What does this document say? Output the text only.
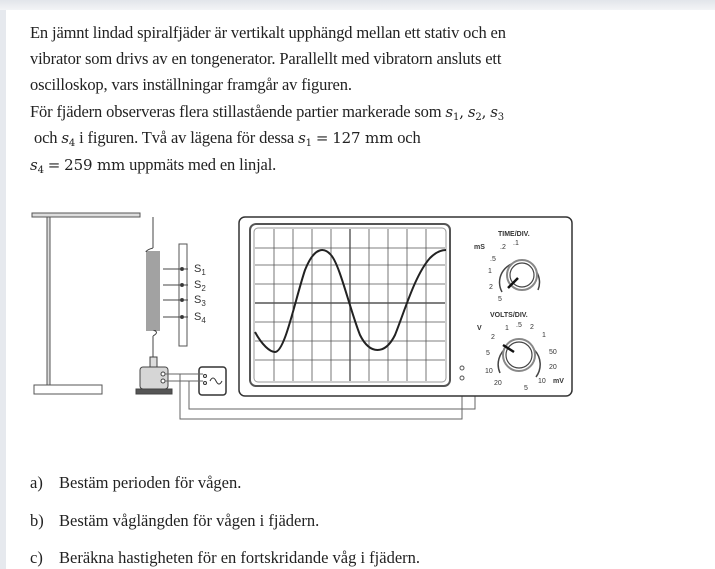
En jämnt lindad spiralfjäder är vertikalt upphängd mellan ett stativ och en
vibrator som drivs av en tongenerator. Parallellt med vibratorn ansluts ett
oscilloskop, vars inställningar framgår av figuren.
För fjädern observeras flera stillastående partier markerade som $s_1$, $s_2$, $s_3$
och $s_4$ i figuren. Två av lägena för dessa $s_1 = 127$ mm och
$s_4 = 259$ mm uppmäts med en linjal.
$S_1$
$S_2$
$S_3$
$S_4$
TIME/DIV.
mS
.1
.2
.5
1
2
5
VOLTS/DIV.
V	.5
1
2
5
10
20
1
2
50
20
10
5
mV
a) Bestäm perioden för vågen.
b) Bestäm våglängden för vågen i fjädern.
c) Beräkna hastigheten för en fortskridande våg i fjädern.
